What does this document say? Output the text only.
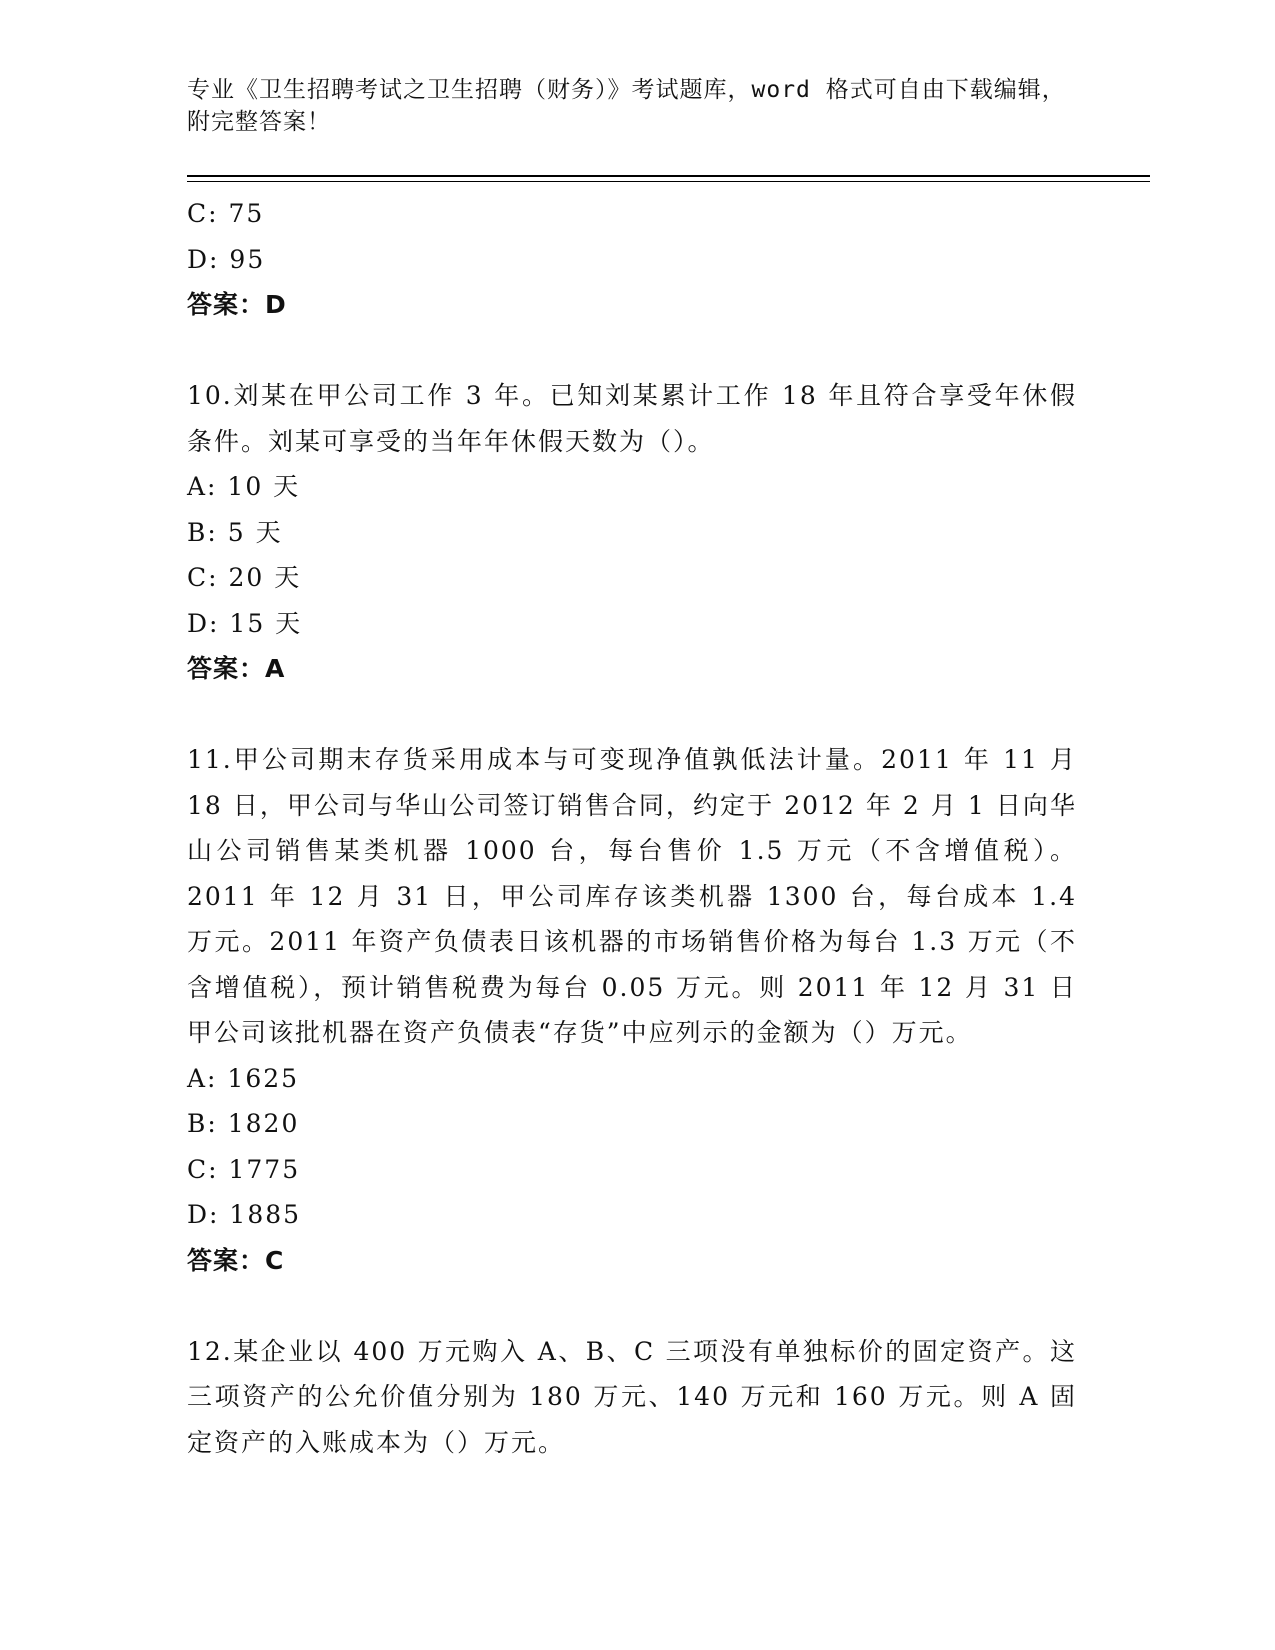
专业《卫生招聘考试之卫生招聘（财务）》考试题库，word 格式可自由下载编辑，附完整答案！

C: 75

D: 95

答案：D

10.刘某在甲公司工作 3 年。已知刘某累计工作 18 年且符合享受年休假条件。刘某可享受的当年年休假天数为（）。

A: 10 天

B: 5 天

C: 20 天

D: 15 天

答案：A

11.甲公司期末存货采用成本与可变现净值孰低法计量。2011 年 11 月 18 日，甲公司与华山公司签订销售合同，约定于 2012 年 2 月 1 日向华山公司销售某类机器 1000 台，每台售价 1.5 万元（不含增值税）。2011 年 12 月 31 日，甲公司库存该类机器 1300 台，每台成本 1.4 万元。2011 年资产负债表日该机器的市场销售价格为每台 1.3 万元（不含增值税），预计销售税费为每台 0.05 万元。则 2011 年 12 月 31 日甲公司该批机器在资产负债表“存货”中应列示的金额为（）万元。

A: 1625

B: 1820

C: 1775

D: 1885

答案：C

12.某企业以 400 万元购入 A、B、C 三项没有单独标价的固定资产。这三项资产的公允价值分别为 180 万元、140 万元和 160 万元。则 A 固定资产的入账成本为（）万元。
